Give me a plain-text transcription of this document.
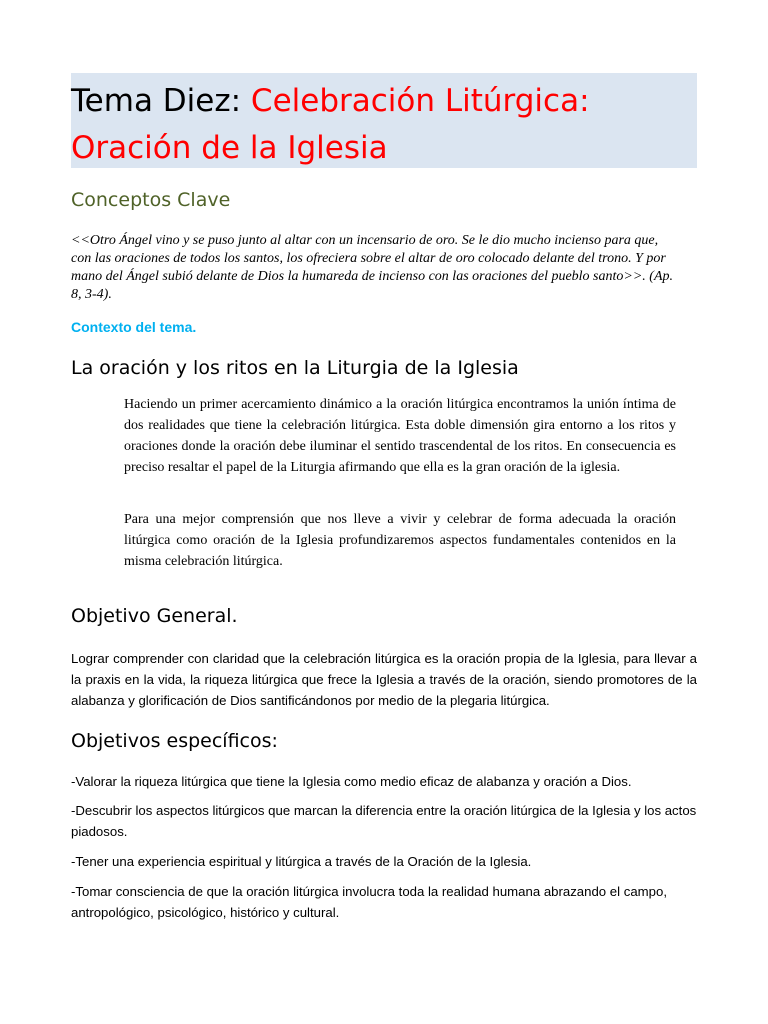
Tema Diez: Celebración Litúrgica: Oración de la Iglesia
Conceptos Clave

<<Otro Ángel vino y se puso junto al altar con un incensario de oro. Se le dio mucho incienso para que, con las oraciones de todos los santos, los ofreciera sobre el altar de oro colocado delante del trono. Y por mano del Ángel subió delante de Dios la humareda de incienso con las oraciones del pueblo santo>>. (Ap. 8, 3-4).

Contexto del tema.

La oración y los ritos en la Liturgia de la Iglesia

Haciendo un primer acercamiento dinámico a la oración litúrgica encontramos la unión íntima de dos realidades que tiene la celebración litúrgica. Esta doble dimensión gira entorno a los ritos y oraciones donde la oración debe iluminar el sentido trascendental de los ritos. En consecuencia es preciso resaltar el papel de la Liturgia afirmando que ella es la gran oración de la iglesia.

Para una mejor comprensión que nos lleve a vivir y celebrar de forma adecuada la oración litúrgica como oración de la Iglesia profundizaremos aspectos fundamentales contenidos en la misma celebración litúrgica.

Objetivo General.

Lograr comprender con claridad que la celebración litúrgica es la oración propia de la Iglesia, para llevar a la praxis en la vida, la riqueza litúrgica que frece la Iglesia a través de la oración, siendo promotores de la alabanza y glorificación de Dios santificándonos por medio de la plegaria litúrgica.

Objetivos específicos:

-Valorar la riqueza litúrgica que tiene la Iglesia como medio eficaz de alabanza y oración a Dios.

-Descubrir los aspectos litúrgicos que marcan la diferencia entre la oración litúrgica de la Iglesia y los actos piadosos.

-Tener una experiencia espiritual y litúrgica a través de la Oración de la Iglesia.

-Tomar consciencia de que la oración litúrgica involucra toda la realidad humana abrazando el campo, antropológico, psicológico, histórico y cultural.
